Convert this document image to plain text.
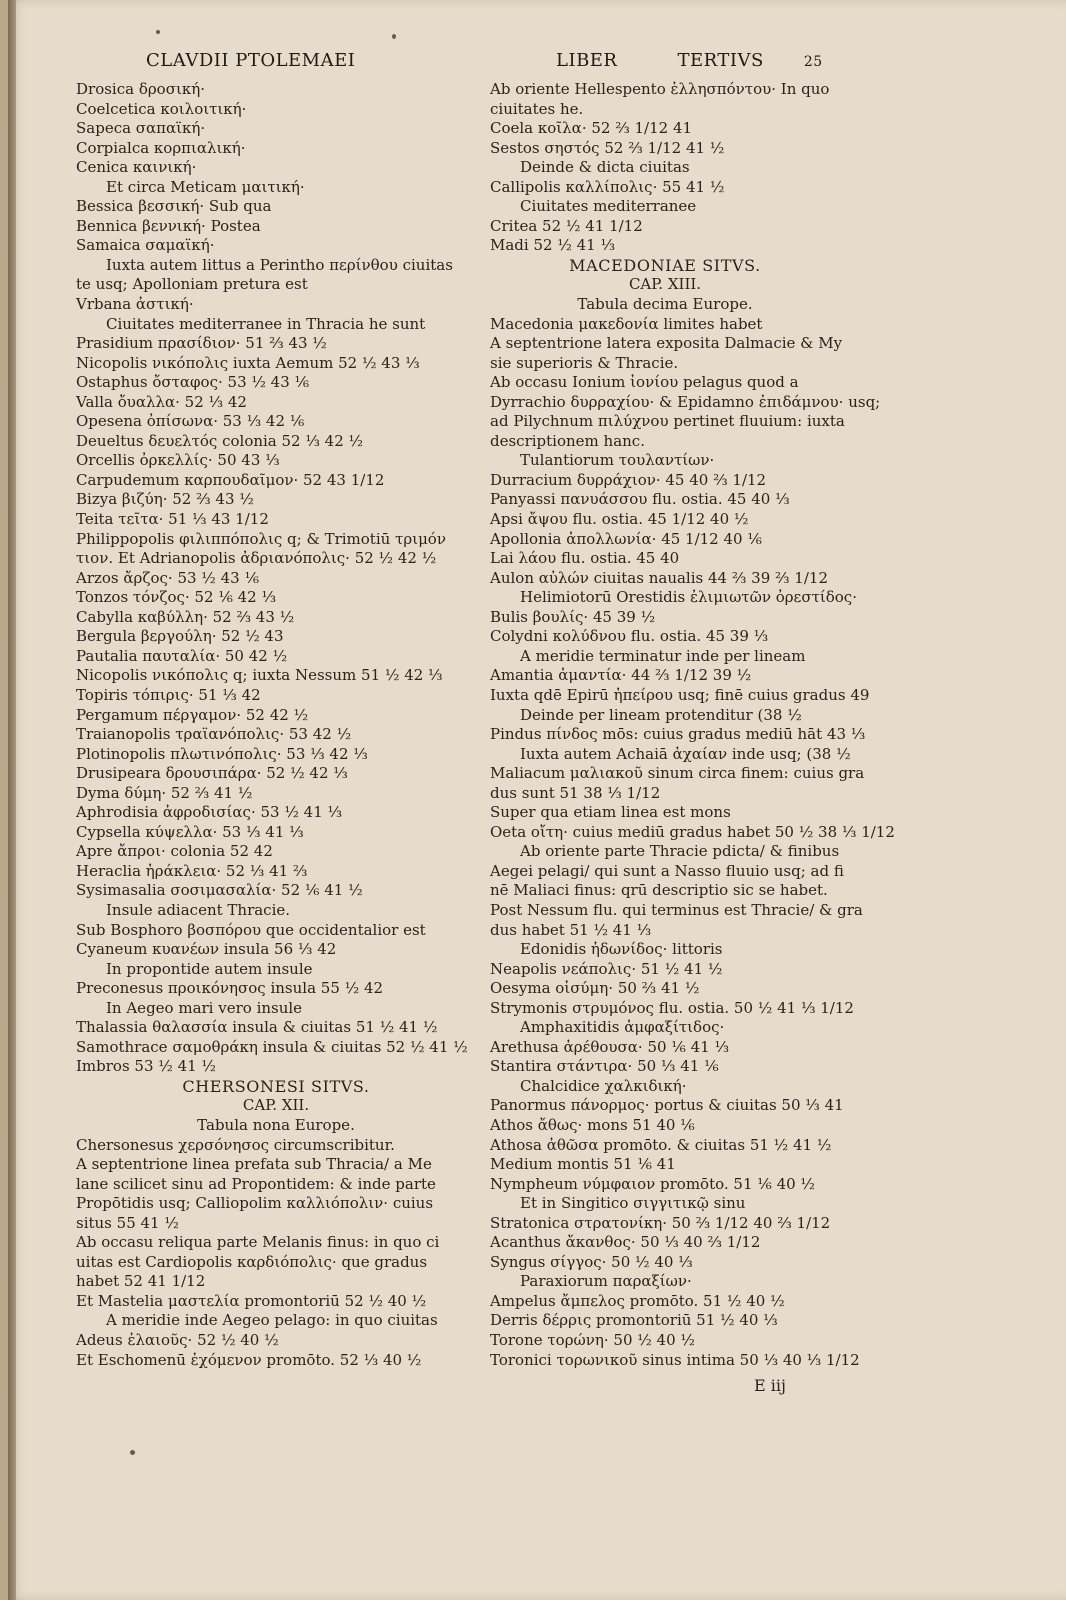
CLAVDII PTOLEMAEI
Drosica δροσική·
Coelcetica κοιλοιτική·
Sapeca σαπαϊκή·
Corpialca κορπιαλική·
Cenica καινική·
Et circa Meticam μαιτική·
Bessica βεσσική· Sub qua
Bennica βεννική· Postea
Samaica σαμαϊκή·
Iuxta autem littus a Perintho περίνθου ciuitas
te usq; Apolloniam pretura est
Vrbana ἀστική·
Ciuitates mediterranee in Thracia he sunt
Prasidium πρασίδιον· 51 ⅔ 43 ½
Nicopolis νικόπολις iuxta Aemum 52 ½ 43 ⅓
Ostaphus ὄσταφος· 53 ½ 43 ⅙
Valla ὄυαλλα· 52 ⅓ 42
Opesena ὀπίσωνα· 53 ⅓ 42 ⅙
Deueltus δευελτός colonia 52 ⅓ 42 ½
Orcellis ὀρκελλίς· 50 43 ⅓
Carpudemum καρπουδαῖμον· 52 43 1/12
Bizya βιζύη· 52 ⅔ 43 ½
Teita τεῖτα· 51 ⅓ 43 1/12
Philippopolis φιλιππόπολις q; & Trimotiū τριμόν
τιον. Et Adrianopolis ἀδριανόπολις· 52 ½ 42 ½
Arzos ἄρζος· 53 ½ 43 ⅙
Tonzos τόνζος· 52 ⅙ 42 ⅓
Cabylla καβύλλη· 52 ⅔ 43 ½
Bergula βεργούλη· 52 ½ 43
Pautalia παυταλία· 50 42 ½
Nicopolis νικόπολις q; iuxta Nessum 51 ½ 42 ⅓
Topiris τόπιρις· 51 ⅓ 42
Pergamum πέργαμον· 52 42 ½
Traianopolis τραϊανόπολις· 53 42 ½
Plotinopolis πλωτινόπολις· 53 ⅓ 42 ⅓
Drusipeara δρουσιπάρα· 52 ½ 42 ⅓
Dyma δύμη· 52 ⅔ 41 ½
Aphrodisia ἀφροδισίας· 53 ½ 41 ⅓
Cypsella κύψελλα· 53 ⅓ 41 ⅓
Apre ἄπροι· colonia 52 42
Heraclia ἡράκλεια· 52 ⅓ 41 ⅔
Sysimasalia σοσιμασαλία· 52 ⅙ 41 ½
Insule adiacent Thracie.
Sub Bosphoro βοσπόρου que occidentalior est
Cyaneum κυανέων insula 56 ⅓ 42
In propontide autem insule
Preconesus προικόνησος insula 55 ½ 42
In Aegeo mari vero insule
Thalassia θαλασσία insula & ciuitas 51 ½ 41 ½
Samothrace σαμοθράκη insula & ciuitas 52 ½ 41 ½
Imbros 53 ½ 41 ½
CHERSONESI SITVS.
CAP. XII.
Tabula nona Europe.
Chersonesus χερσόνησος circumscribitur.
A septentrione linea prefata sub Thracia/ a Me
lane scilicet sinu ad Propontidem: & inde parte
Propōtidis usq; Calliopolim καλλιόπολιν· cuius
situs 55 41 ½
Ab occasu reliqua parte Melanis finus: in quo ci
uitas est Cardiopolis καρδιόπολις· que gradus
habet 52 41 1/12
Et Mastelia μαστελία promontoriū 52 ½ 40 ½
A meridie inde Aegeo pelago: in quo ciuitas
Adeus ἐλαιοῦς· 52 ½ 40 ½
Et Eschomenū ἐχόμενον promōto. 52 ⅓ 40 ½
LIBER	TERTIVS	25
Ab oriente Hellespento ἑλλησπόντου· In quo
ciuitates he.
Coela κοῖλα· 52 ⅔ 1/12 41
Sestos σηστός 52 ⅔ 1/12 41 ½
Deinde & dicta ciuitas
Callipolis καλλίπολις· 55 41 ½
Ciuitates mediterranee
Critea 52 ½ 41 1/12
Madi 52 ½ 41 ⅓
MACEDONIAE SITVS.
CAP. XIII.
Tabula decima Europe.
Macedonia μακεδονία limites habet
A septentrione latera exposita Dalmacie & My
sie superioris & Thracie.
Ab occasu Ionium ἰονίου pelagus quod a
Dyrrachio δυρραχίου· & Epidamno ἐπιδάμνου· usq;
ad Pilychnum πιλύχνου pertinet fluuium: iuxta
descriptionem hanc.
Tulantiorum τουλαντίων·
Durracium δυρράχιον· 45 40 ⅔ 1/12
Panyassi πανυάσσου flu. ostia. 45 40 ⅓
Apsi ἄψου flu. ostia. 45 1/12 40 ½
Apollonia ἀπολλωνία· 45 1/12 40 ⅙
Lai λάου flu. ostia. 45 40
Aulon αὐλών ciuitas naualis 44 ⅔ 39 ⅔ 1/12
Helimiotorū Orestidis ἐλιμιωτῶν ὀρεστίδος·
Bulis βουλίς· 45 39 ½
Colydni κολύδνου flu. ostia. 45 39 ⅓
A meridie terminatur inde per lineam
Amantia ἀμαντία· 44 ⅔ 1/12 39 ½
Iuxta qdē Epirū ἠπείρου usq; finē cuius gradus 49
Deinde per lineam protenditur (38 ½
Pindus πίνδος mōs: cuius gradus mediū hāt 43 ⅓
Iuxta autem Achaiā ἀχαίαν inde usq; (38 ½
Maliacum μαλιακοῦ sinum circa finem: cuius gra
dus sunt 51 38 ⅓ 1/12
Super qua etiam linea est mons
Oeta οἴτη· cuius mediū gradus habet 50 ½ 38 ⅓ 1/12
Ab oriente parte Thracie pdicta/ & finibus
Aegei pelagi/ qui sunt a Nasso fluuio usq; ad fi
nē Maliaci finus: qrū descriptio sic se habet.
Post Nessum flu. qui terminus est Thracie/ & gra
dus habet 51 ½ 41 ⅓
Edonidis ἠδωνίδος· littoris
Neapolis νεάπολις· 51 ½ 41 ½
Oesyma οἰσύμη· 50 ⅔ 41 ½
Strymonis στρυμόνος flu. ostia. 50 ½ 41 ⅓ 1/12
Amphaxitidis ἀμφαξίτιδος·
Arethusa ἀρέθουσα· 50 ⅙ 41 ⅓
Stantira στάντιρα· 50 ⅓ 41 ⅙
Chalcidice χαλκιδική·
Panormus πάνορμος· portus & ciuitas 50 ⅓ 41
Athos ἄθως· mons 51 40 ⅙
Athosa ἀθῶσα promōto. & ciuitas 51 ½ 41 ½
Medium montis 51 ⅙ 41
Nympheum νύμφαιον promōto. 51 ⅙ 40 ½
Et in Singitico σιγγιτικῷ sinu
Stratonica στρατονίκη· 50 ⅔ 1/12 40 ⅔ 1/12
Acanthus ἄκανθος· 50 ⅓ 40 ⅔ 1/12
Syngus σίγγος· 50 ½ 40 ⅓
Paraxiorum παραξίων·
Ampelus ἄμπελος promōto. 51 ½ 40 ½
Derris δέρρις promontoriū 51 ½ 40 ⅓
Torone τορώνη· 50 ½ 40 ½
Toronici τορωνικοῦ sinus intima 50 ⅓ 40 ⅓ 1/12
E iij
